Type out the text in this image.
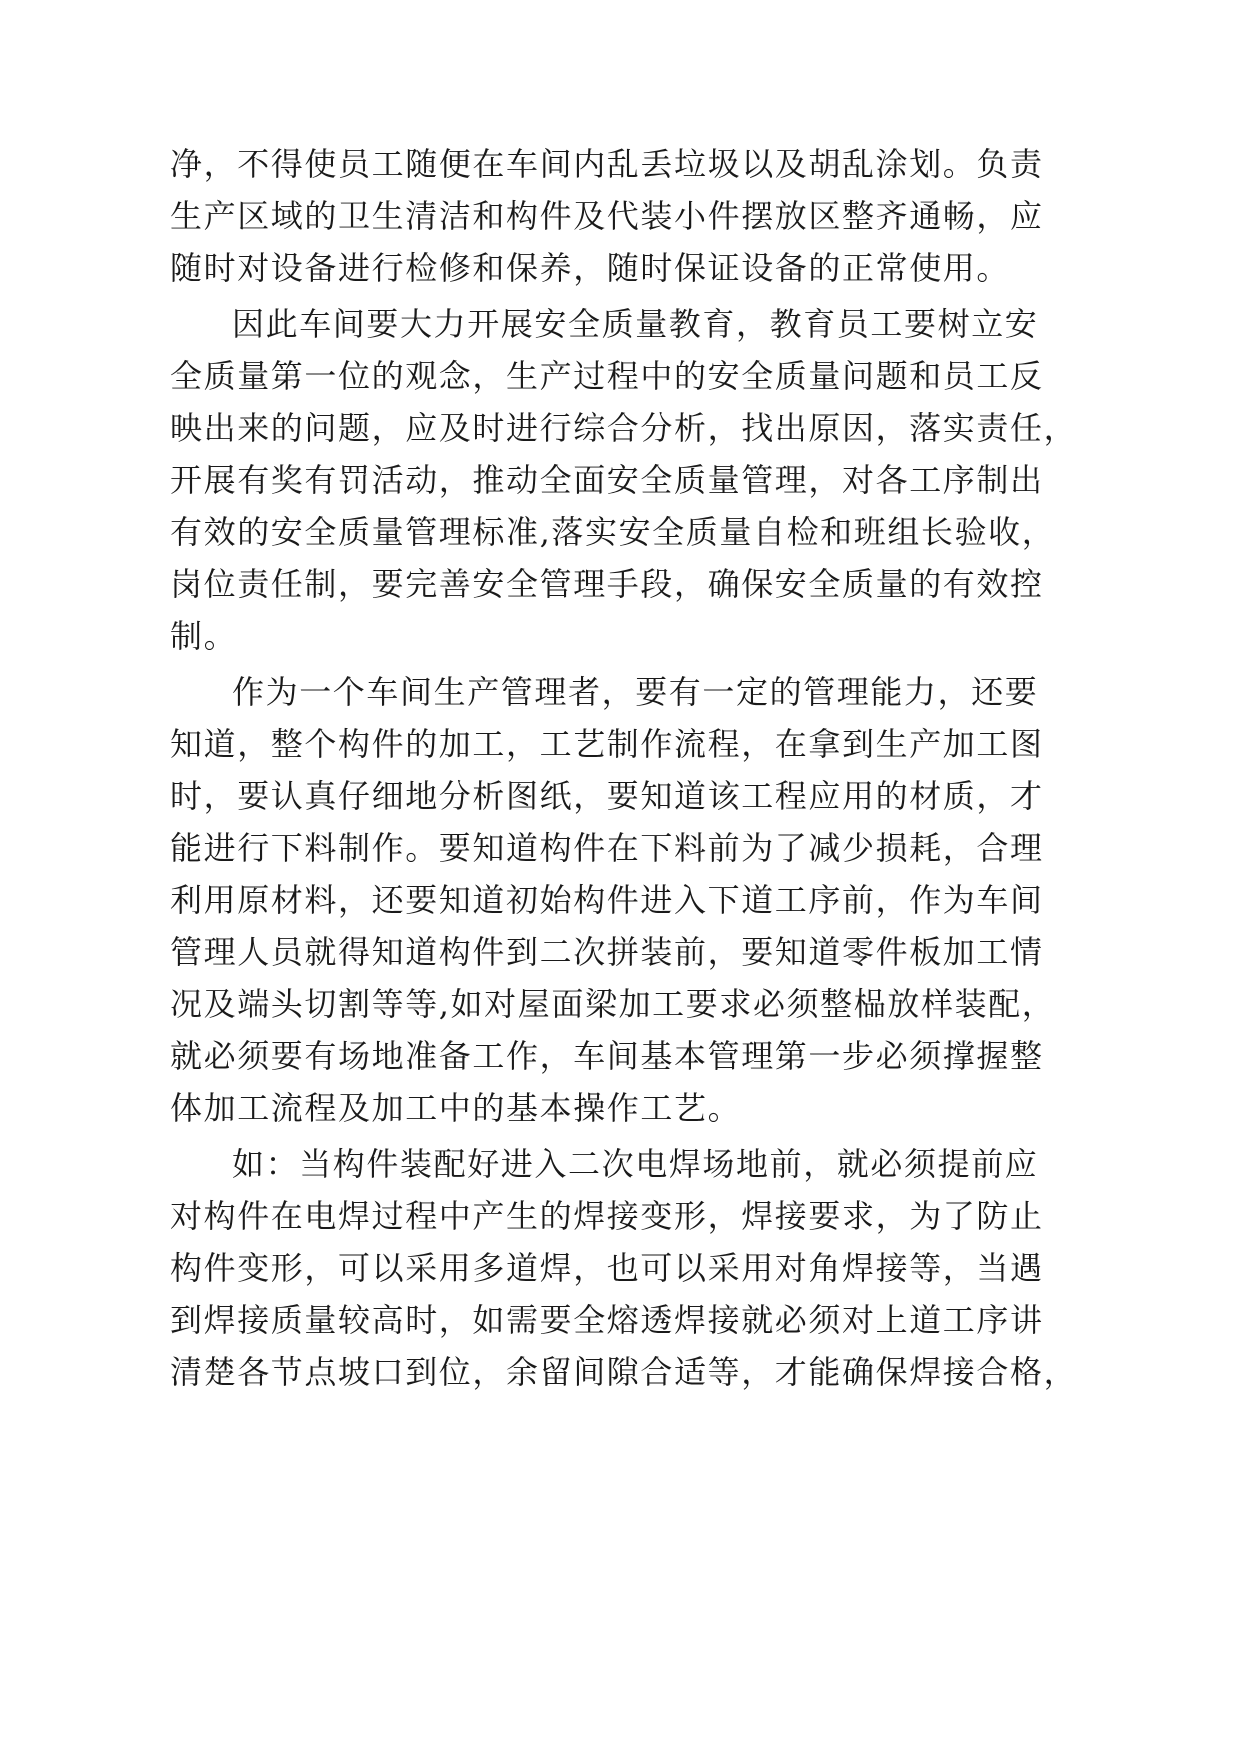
净，不得使员工随便在车间内乱丢垃圾以及胡乱涂划。负责
生产区域的卫生清洁和构件及代装小件摆放区整齐通畅，应
随时对设备进行检修和保养，随时保证设备的正常使用。
因此车间要大力开展安全质量教育，教育员工要树立安
全质量第一位的观念，生产过程中的安全质量问题和员工反
映出来的问题，应及时进行综合分析，找出原因，落实责任，
开展有奖有罚活动，推动全面安全质量管理，对各工序制出
有效的安全质量管理标准,落实安全质量自检和班组长验收，
岗位责任制，要完善安全管理手段，确保安全质量的有效控
制。
作为一个车间生产管理者，要有一定的管理能力，还要
知道，整个构件的加工，工艺制作流程，在拿到生产加工图
时，要认真仔细地分析图纸，要知道该工程应用的材质，才
能进行下料制作。要知道构件在下料前为了减少损耗，合理
利用原材料，还要知道初始构件进入下道工序前，作为车间
管理人员就得知道构件到二次拼装前，要知道零件板加工情
况及端头切割等等,如对屋面梁加工要求必须整榀放样装配，
就必须要有场地准备工作，车间基本管理第一步必须撑握整
体加工流程及加工中的基本操作工艺。
如：当构件装配好进入二次电焊场地前，就必须提前应
对构件在电焊过程中产生的焊接变形，焊接要求，为了防止
构件变形，可以采用多道焊，也可以采用对角焊接等，当遇
到焊接质量较高时，如需要全熔透焊接就必须对上道工序讲
清楚各节点坡口到位，余留间隙合适等，才能确保焊接合格，
